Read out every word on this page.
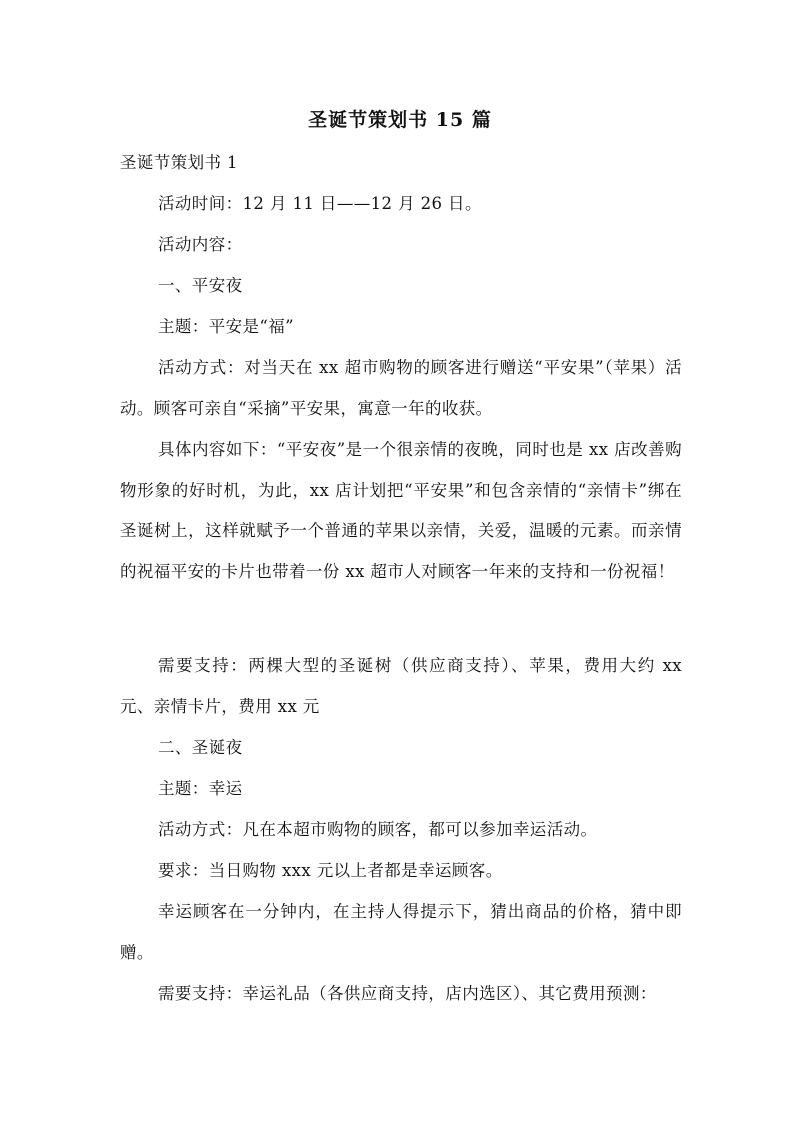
圣诞节策划书 15 篇
圣诞节策划书 1
活动时间：12 月 11 日——12 月 26 日。
活动内容：
一、平安夜
主题：平安是“福”
活动方式：对当天在 xx 超市购物的顾客进行赠送“平安果”（苹果）活动。顾客可亲自“采摘”平安果，寓意一年的收获。
具体内容如下：“平安夜”是一个很亲情的夜晚，同时也是 xx 店改善购物形象的好时机，为此，xx 店计划把“平安果”和包含亲情的“亲情卡”绑在圣诞树上，这样就赋予一个普通的苹果以亲情，关爱，温暖的元素。而亲情的祝福平安的卡片也带着一份 xx 超市人对顾客一年来的支持和一份祝福！
需要支持：两棵大型的圣诞树（供应商支持）、苹果，费用大约 xx 元、亲情卡片，费用 xx 元
二、圣诞夜
主题：幸运
活动方式：凡在本超市购物的顾客，都可以参加幸运活动。
要求：当日购物 xxx 元以上者都是幸运顾客。
幸运顾客在一分钟内，在主持人得提示下，猜出商品的价格，猜中即赠。
需要支持：幸运礼品（各供应商支持，店内选区）、其它费用预测：
